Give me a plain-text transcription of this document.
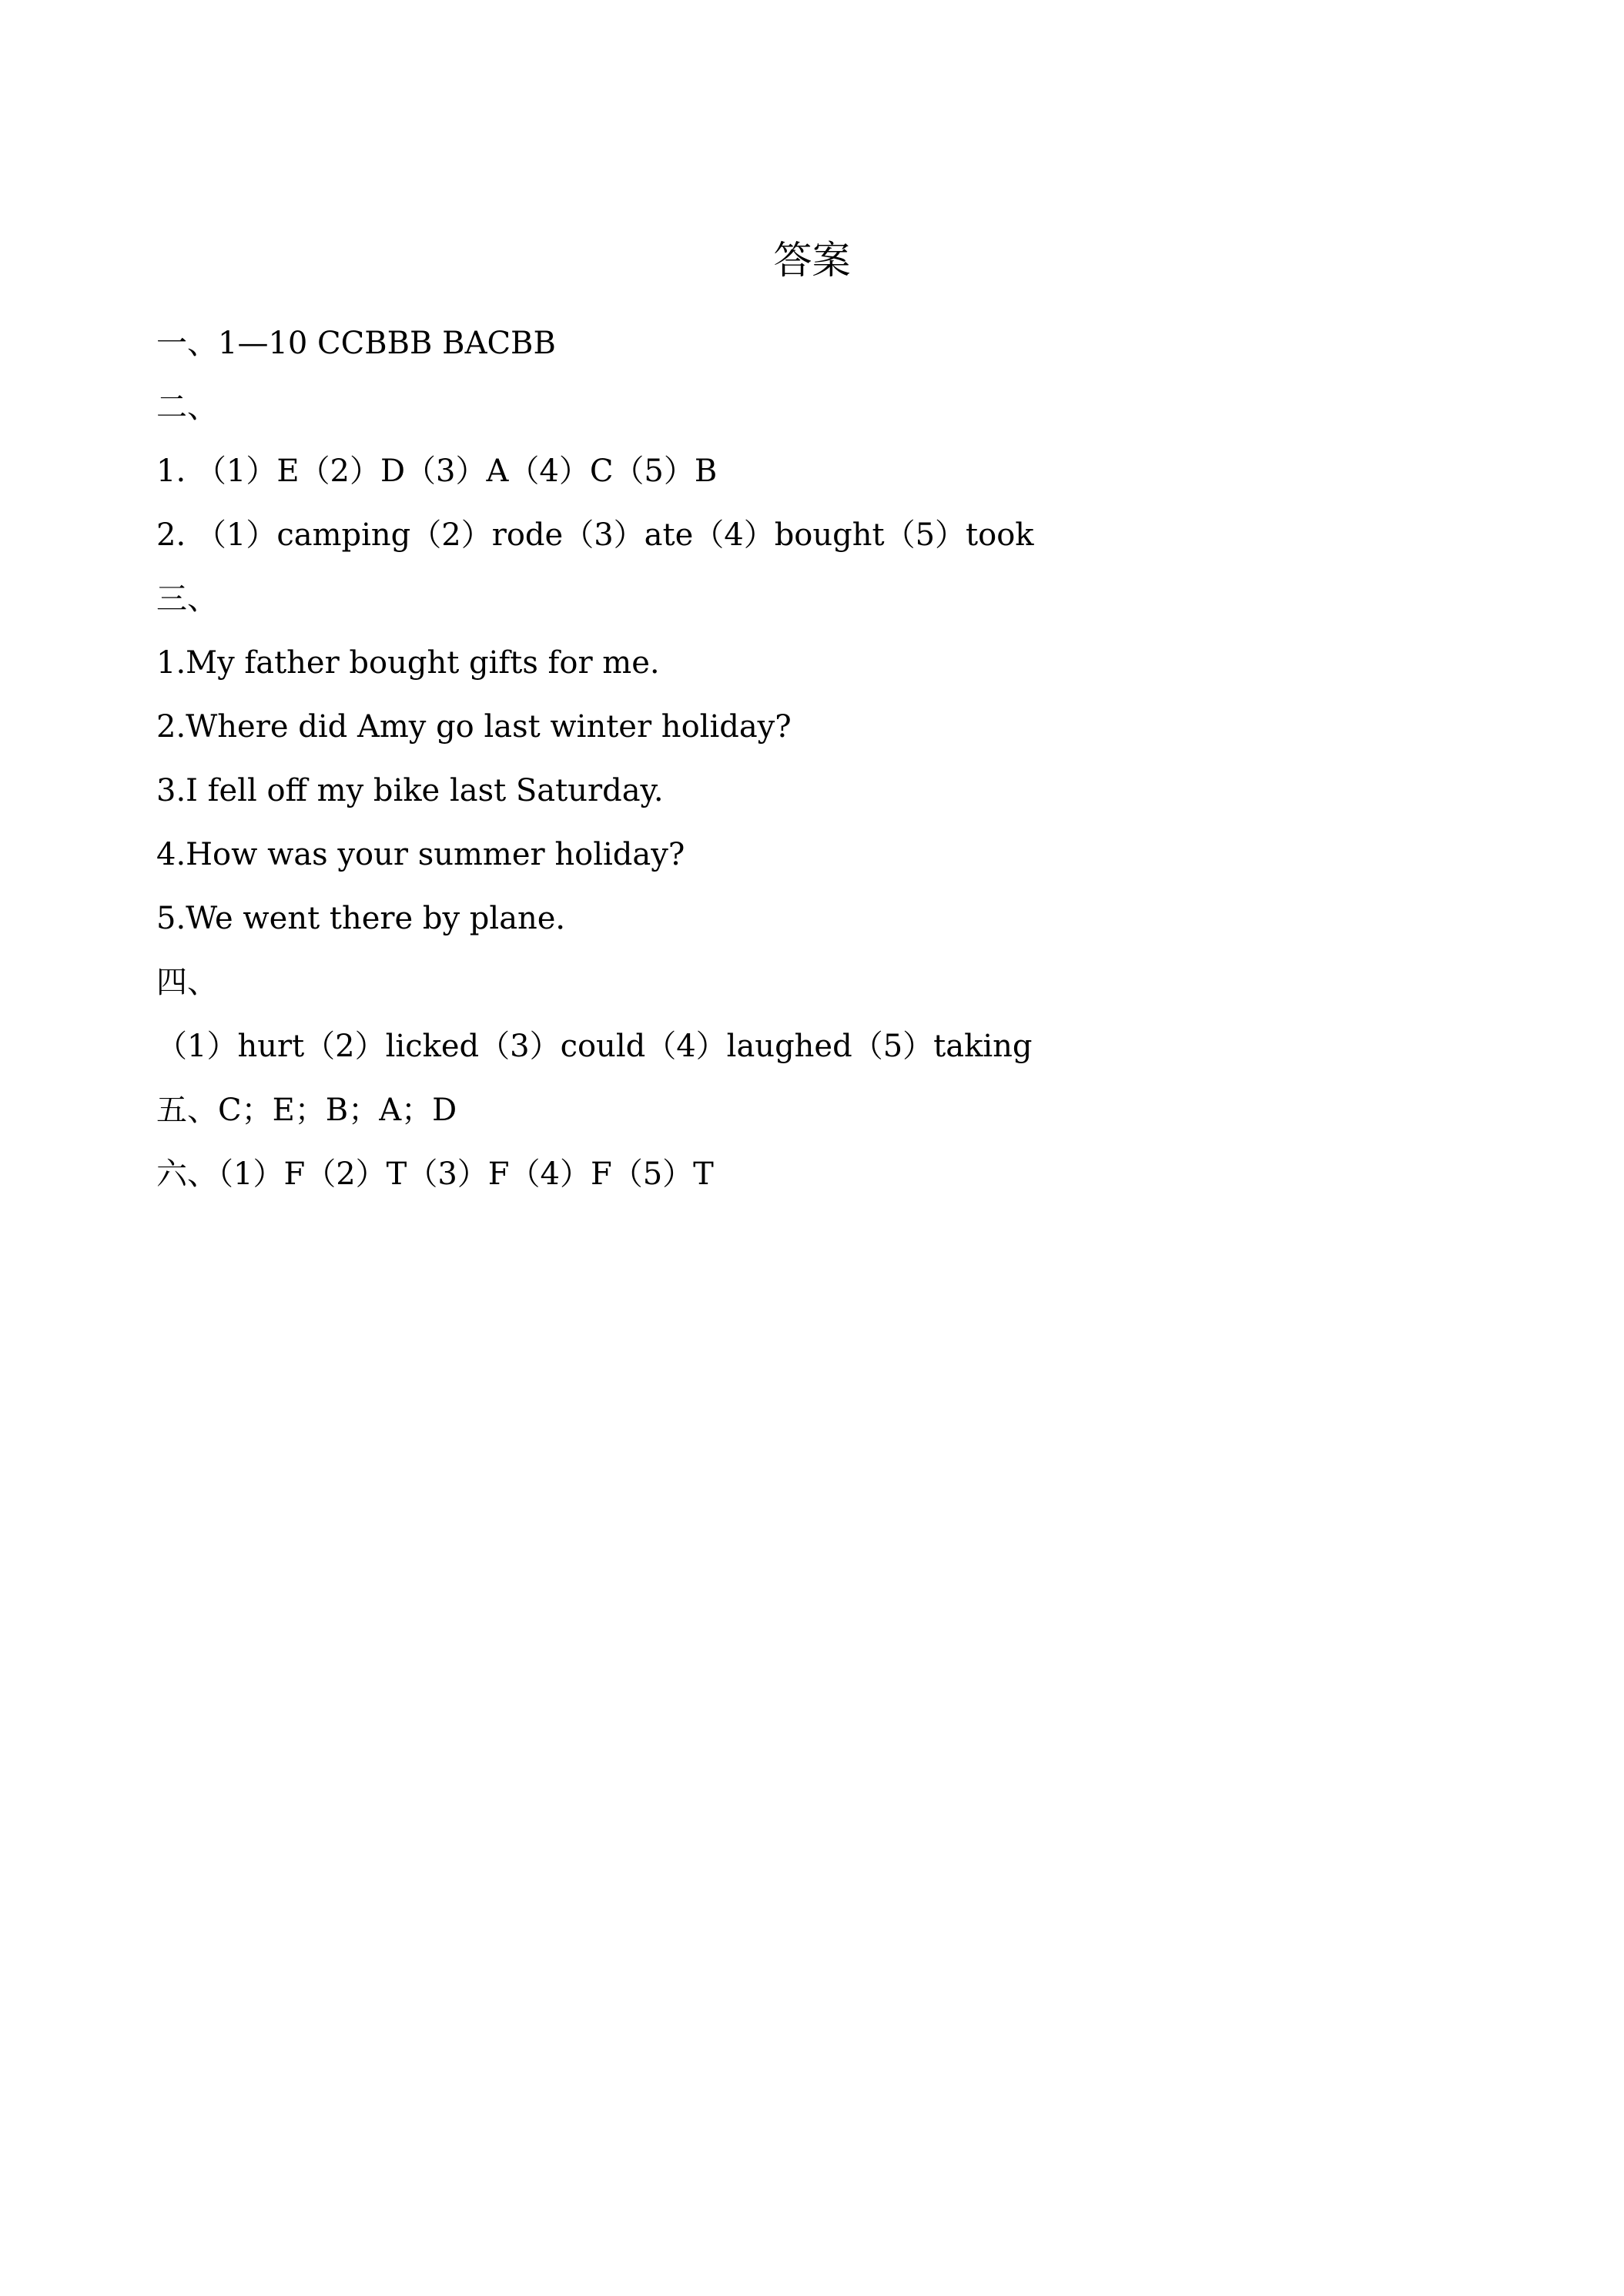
答案

一、1—10 CCBBB BACBB

二、

1. （1）E（2）D（3）A（4）C（5）B

2. （1）camping（2）rode（3）ate（4）bought（5）took

三、

1.My father bought gifts for me.

2.Where did Amy go last winter holiday?

3.I fell off my bike last Saturday.

4.How was your summer holiday?

5.We went there by plane．

四、

（1）hurt（2）licked（3）could（4）laughed（5）taking

五、C；E；B；A；D

六、（1）F（2）T（3）F（4）F（5）T
